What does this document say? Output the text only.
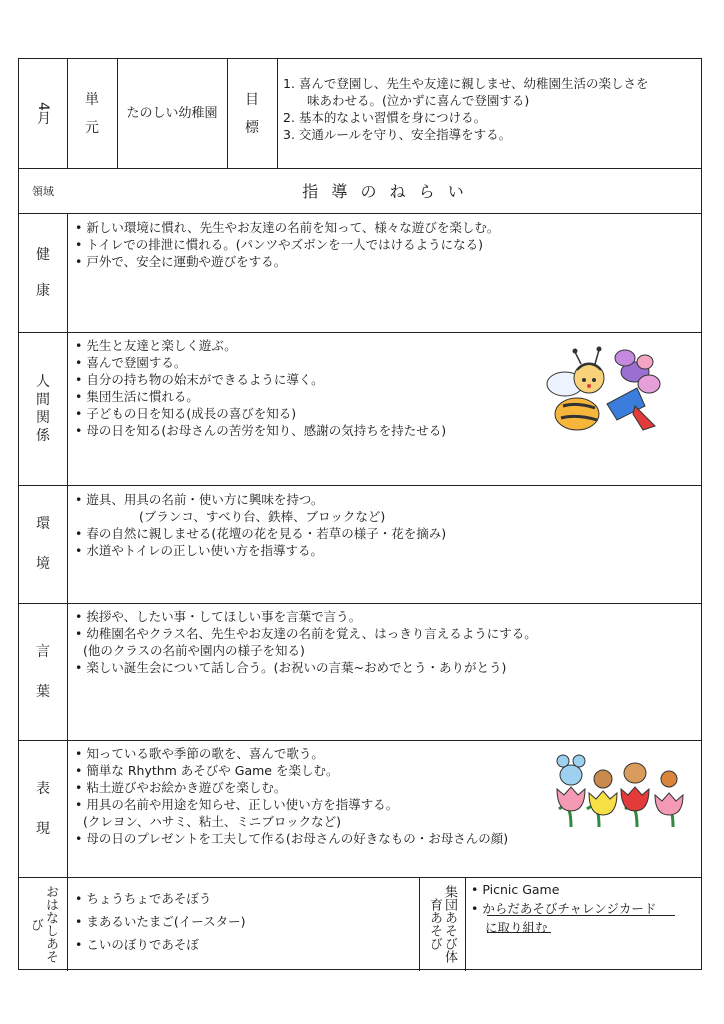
4月
単
元
たのしい幼稚園
目
標
1. 喜んで登園し、先生や友達に親しませ、幼稚園生活の楽しさを
味あわせる。(泣かずに喜んで登園する)
2. 基本的なよい習慣を身につける。
3. 交通ルールを守り、安全指導をする。
領域	指 導 の ね ら い
健
康
• 新しい環境に慣れ、先生やお友達の名前を知って、様々な遊びを楽しむ。
• トイレでの排泄に慣れる。(パンツやズボンを一人ではけるようになる)
• 戸外で、安全に運動や遊びをする。
人
間
関
係
• 先生と友達と楽しく遊ぶ。
• 喜んで登園する。
• 自分の持ち物の始末ができるように導く。
• 集団生活に慣れる。
• 子どもの日を知る(成長の喜びを知る)
• 母の日を知る(お母さんの苦労を知り、感謝の気持ちを持たせる)
環
境
• 遊具、用具の名前・使い方に興味を持つ。
(ブランコ、すべり台、鉄棒、ブロックなど)
• 春の自然に親しませる(花壇の花を見る・若草の様子・花を摘み)
• 水道やトイレの正しい使い方を指導する。
言
葉
• 挨拶や、したい事・してほしい事を言葉で言う。
• 幼稚園名やクラス名、先生やお友達の名前を覚え、はっきり言えるようにする。
(他のクラスの名前や園内の様子を知る)
• 楽しい誕生会について話し合う。(お祝いの言葉~おめでとう・ありがとう)
表
現
• 知っている歌や季節の歌を、喜んで歌う。
• 簡単な Rhythm あそびや Game を楽しむ。
• 粘土遊びやお絵かき遊びを楽しむ。
• 用具の名前や用途を知らせ、正しい使い方を指導する。
(クレヨン、ハサミ、粘土、ミニブロックなど)
• 母の日のプレゼントを工夫して作る(お母さんの好きなもの・お母さんの顔)
おはなしあそび
• ちょうちょであそぼう
• まあるいたまご(イースター)
• こいのぼりであそぼ	集団あそび体育あそび
• Picnic Game
• からだあそびチャレンジカード に取り組む
